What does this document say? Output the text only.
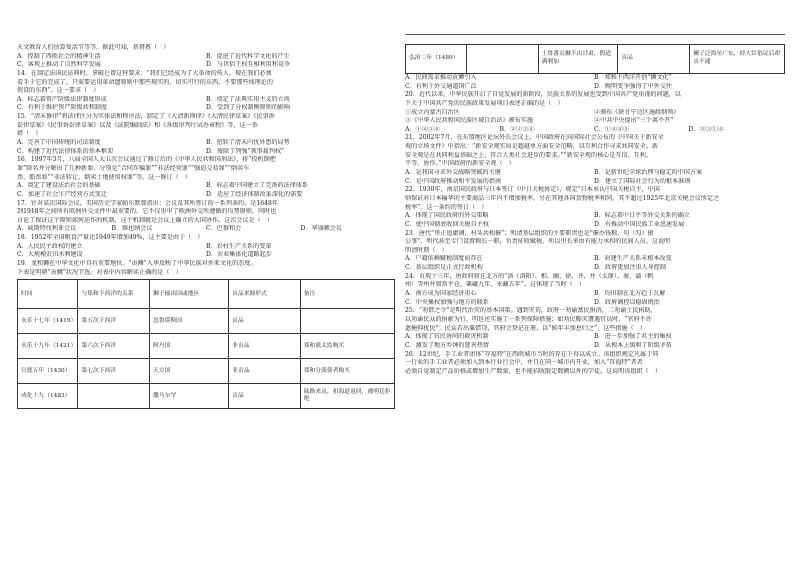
天文教育人们估算复活节等等。据此可知，基督教（　）
A．控制了西欧社会的精神生活	B．促进了近代科学文化的产生
C．客观上推动了自然科学发展	D．与世俗王权互相利用和竞争
14．在制定法国民法典时，拿破仑曾这样要求：“我们已经成为了大革命的传人，现在我们必须
看手于它的完成了。只需要运用革命遗原则中那些现实的、切实可行的东西，不要那些纯理论的
假设的东西”。这一要求（　）
A．标志着资产阶级法律制度形成	B．奠定了法典实用主义的立场
C．有利于维护资产阶级共和制度	D．受到了分权制衡原则的影响
15．“清末修律”将法律区分为实体法和程序法，制定了《大清新刑律》《大清民律草案》《民事诉
讼律草案》《民事诉讼律草案》以及《法院编制法》和《各级审判厅试办章程》等，这一举
措（　）
A．完善了中国传统的司法制度	B．扭转了清末内忧外患的局势
C．构建了近代法律体系的基本框架	D．废除了列强“领事裁判权”
16．1997年3月，八届全国人大五次会议通过了修订后的《中华人民共和国刑法》，将“投机倒把
罪”除名并分解出了几种新罪，分别是“合同诈骗罪”“非法经营罪”“强迫交易罪”“倒卖车
票、船票罪”“非法转让、倒卖土地使用权罪”等。这一修订（　）
A．奠定了建设法治社会的基础	B．标志着中国建立了完备的法律体系
C．加速了社会生产经营方式变迁	D．适应了经济体制改革深化的需要
17．针对某次国际会议，美国历史学家帕尔默曾指出：会议及其所签订的一系列条约，是1648年
到1918年之间所有欧洲外交文件中最重要的。它不仅重申了欧洲外交所遵循的均势原则，同时也
讨论了保证这个原则如何运作的机制，这个机制就是会议上确立的大国协作。这次会议是（　）
A．威斯特伐利亚会议	B．维也纳会议	C．巴黎和会	D．华盛顿会议
18．1952年全国粮食产量比1949年增加49%，这主要是由于（　）
A．人民民主政权的建立	B．农村生产关系的变革
C．大规模农田水利建设	D．农业集体化道路起步
19．龙和狮在中华文化中具有重要地位。“贡狮”入华反映了中华民族对外来文化的态度。
下表是明朝“贡狮”状况节选。对表中内容解读正确的是（　）
时间	与郑和下西洋的关系	狮子输出国或地区	贡品来源形式	备注
永乐十七年（1419）	第五次下西洋	忽鲁谟斯国	贡品	
永乐十九年（1421）	第六次下西洋	阿丹国	非贡品	郑和派太监购买
宣德五年（1430）	第七次下西洋	天方国	非贡品	郑和分派使者购买
成化十九（1483）		撒马尔罕	贡品	陆路来贡，扣海道返回，被明廷拒绝
弘治二年（1489）		土鲁番贡狮不由甘肃，假道满剌加	贡品	狮子泛海至广东，经大臣倡议后却贡不通
A．民间需求推动贡狮引入	B．郑和下西洋开创“狮文化”
C．有利于外交通道国广泛	D．晚明变争强得了中外交往
20．近代以来，中华民族开启了自觉发展的新阶段，民族关系的发展也受到中国共产党重视的问题，以
下关于中国共产党的民族政策发展项目表述正确的是（　）
①成立内蒙古自治区	②颁布《陕甘宁边区施政纲领》
③《中华人民共和国民族区域自治法》颁布实施	④中共中央提出“三个离不开”
A．①②③④	B．②①③④	C．①②④③	D．②③①④
21．2002年7月，在东盟地区论坛外长会议上，中国政府在向国际社会公布的《中国关于新安全
观的立场文件》中指出：“新安全观实质是超越单方面安全范畴，以互利合作寻求共同安全。新
安全观是在共同利益基础之上，符合人类社会进步的要求。”“新安全观的核心是互信、互利、
平等、协作。”中国政府的新安全观（　）
A．是我国寻求外交战略突破的关键	B．是新世纪全球治理与稳定的中国方案
C．是中国政府推动和平发展的指南	D．建立了国际社会行为的根本准则
22．1930年，南京国民政府与日本签订《中日关税协定》，规定“日本承认中国关税自主，中国
则保证对日本输华的主要商品三年内不增加税率，另在其他各国货物税率相同，其不超过1925年北京关税会议所定之
税率”。这一条约的签订（　）
A．体现了国民政府的外交策略	B．标志着中日平等外交关系的确立
C．使中国彻底收回关税自主权	D．有推动中国民族工业迅速发展
23．唐代“里正追庸调，村头共相催”；明清基层组织的主要职责也是“催办钱粮，句（勾）摄
公事”，明代甚至专门设置粮长一职，负责征收赋税，所以里长多由有能力承担的民间人员。这说明
明清时期（　）
A．户籍依赖赋税制度而存在	B．封建生产关系未根本改变
C．基层组织是正式行政机构	D．政府更加注重人身控制
24．贞观十三年，唐政府将在北方的“洛（洛阳）、相、幽、徐、齐、并（太原）、秦、蒲（帆
州）等州并置常平仓，粟藏九年，米藏五年”。这体现了当时（　）
A．南方成为国家经济重心	B．均田制在北方趋于瓦解
C．中央集权加强与地方的联系	D．政府调控以稳固统治
25．“劝借之令”是明代治灾的基本国策。遇到灾荒，政府一劝谕富民捐济，二劝谕士民捐助，
以劝谕民众的捐献为行，明廷还实施了一系列保障措施；如劝民赈灾遭遇官员时，“官府不许
遮掩抑扰民”；民众若出粟借贷，官府会登记在册，以“候年丰加息归之”。这些措施（　）
A．体现了官民协同的救灾机制	B．进一步加强了君主的集权
C．激发了地方乡绅的慈善热情	D．从根本上缓和了阶级矛盾
26．12世纪，手工业者团体“存福特”在西欧城市当时的存在下得以成立。该组织规定凡属于同
一行业的手工业者必须加入到本行业行会中，并且在同一城市内开业，加入“存福特”者者
必须自觉制定产品价格或增加生产数量，也不能招收限定数额以外的学徒。这说明该组织（　）
